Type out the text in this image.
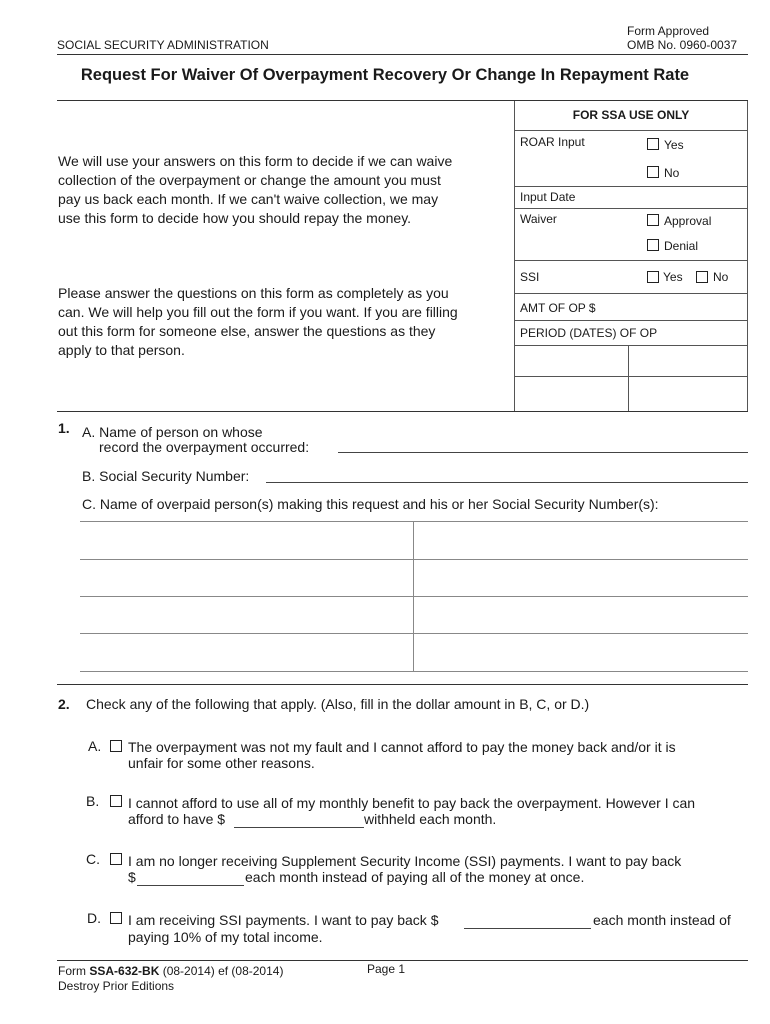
SOCIAL SECURITY ADMINISTRATION
Form Approved
OMB No. 0960-0037
Request For Waiver Of Overpayment Recovery Or Change In Repayment Rate
We will use your answers on this form to decide if we can waive collection of the overpayment or change the amount you must pay us back each month. If we can't waive collection, we may use this form to decide how you should repay the money.
Please answer the questions on this form as completely as you can. We will help you fill out the form if you want. If you are filling out this form for someone else, answer the questions as they apply to that person.
FOR SSA USE ONLY
ROAR Input	Yes
No
Input Date
Waiver	Approval
Denial
SSI	Yes	No
AMT OF OP $
PERIOD (DATES) OF OP
1. A. Name of person on whose
record the overpayment occurred:
B. Social Security Number:
C. Name of overpaid person(s) making this request and his or her Social Security Number(s):
2. Check any of the following that apply. (Also, fill in the dollar amount in B, C, or D.)
A. The overpayment was not my fault and I cannot afford to pay the money back and/or it is
unfair for some other reasons.
B. I cannot afford to use all of my monthly benefit to pay back the overpayment. However I can
afford to have $	withheld each month.
C. I am no longer receiving Supplement Security Income (SSI) payments. I want to pay back
$	each month instead of paying all of the money at once.
D. I am receiving SSI payments. I want to pay back $	each month instead of
paying 10% of my total income.
Form SSA-632-BK (08-2014) ef (08-2014)	Page 1
Destroy Prior Editions
